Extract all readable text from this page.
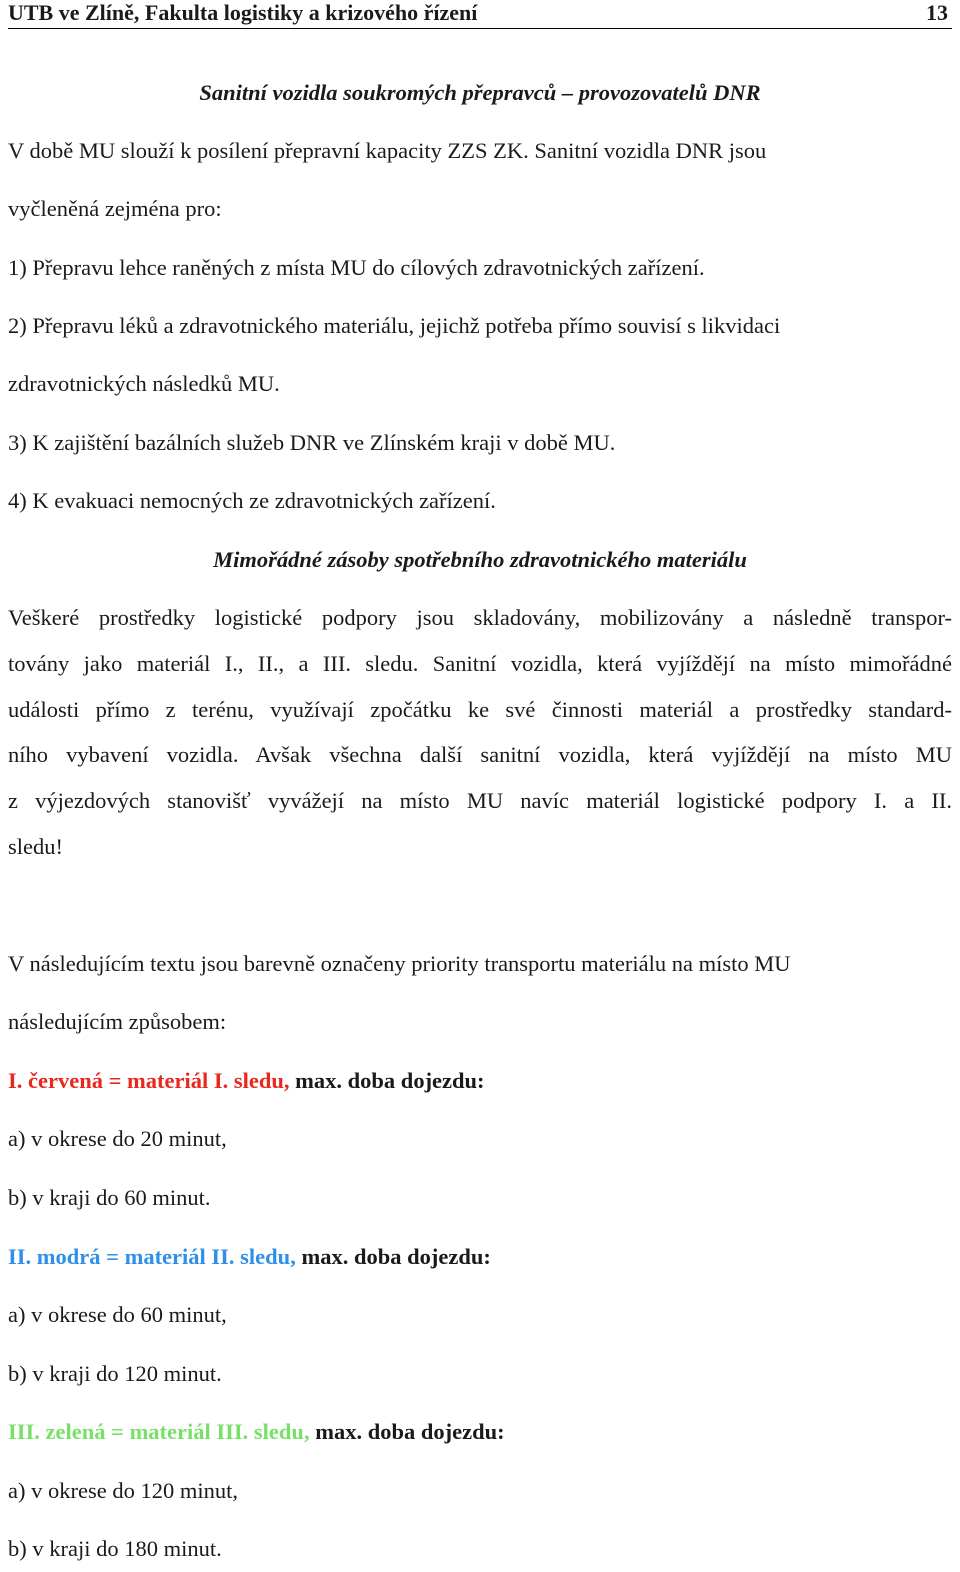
UTB ve Zlíně, Fakulta logistiky a krizového řízení	13
Sanitní vozidla soukromých přepravců – provozovatelů DNR
V době MU slouží k posílení přepravní kapacity ZZS ZK. Sanitní vozidla DNR jsou
vyčleněná zejména pro:
1) Přepravu lehce raněných z místa MU do cílových zdravotnických zařízení.
2) Přepravu léků a zdravotnického materiálu, jejichž potřeba přímo souvisí s likvidaci
zdravotnických následků MU.
3) K zajištění bazálních služeb DNR ve Zlínském kraji v době MU.
4) K evakuaci nemocných ze zdravotnických zařízení.
Mimořádné zásoby spotřebního zdravotnického materiálu
Veškeré prostředky logistické podpory jsou skladovány, mobilizovány a následně transpor-
továny jako materiál I., II., a III. sledu. Sanitní vozidla, která vyjíždějí na místo mimořádné
události přímo z terénu, využívají zpočátku ke své činnosti materiál a prostředky standard-
ního vybavení vozidla. Avšak všechna další sanitní vozidla, která vyjíždějí na místo MU
z výjezdových stanovišť vyvážejí na místo MU navíc materiál logistické podpory I. a II.
sledu!
V následujícím textu jsou barevně označeny priority transportu materiálu na místo MU
následujícím způsobem:
I. červená = materiál I. sledu, max. doba dojezdu:
a) v okrese do 20 minut,
b) v kraji do 60 minut.
II. modrá = materiál II. sledu, max. doba dojezdu:
a) v okrese do 60 minut,
b) v kraji do 120 minut.
III. zelená = materiál III. sledu, max. doba dojezdu:
a) v okrese do 120 minut,
b) v kraji do 180 minut.
